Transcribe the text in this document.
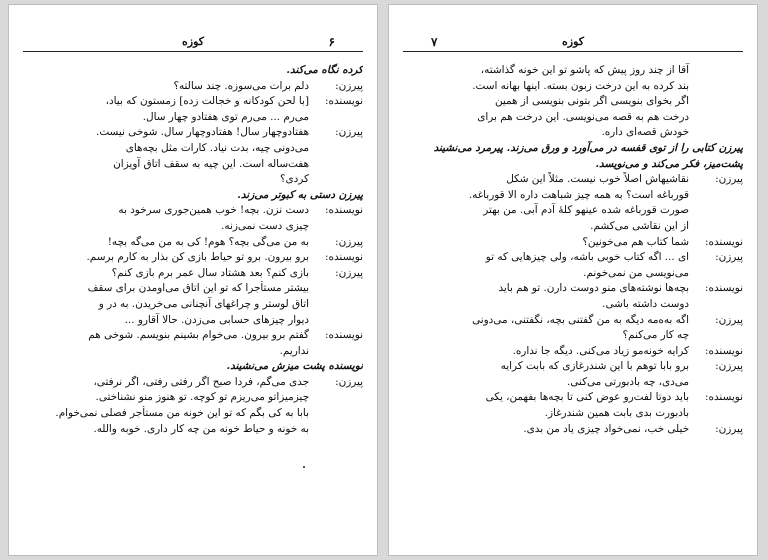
۶
کوزه
کرده نگاه می‌کند.
پیرزن:دلم برات می‌سوزه. چند سالته؟
نویسنده:[با لحن کودکانه و خجالت زده] زمستون که بیاد،
می‌رم ... می‌رم توی هفتادو چهار سال.
پیرزن:هفتادوچهار سال! هفتادوچهار سال. شوخی نیست.
می‌دونی چیه، بدت نیاد. کارات مثل بچه‌های
هفت‌ساله است. این چیه به سقف اتاق آویزان
کردی؟
پیرزن دستی به کبوتر می‌زند.
نویسنده:دست نزن. بچه! خوب همین‌جوری سرخود به
چیزی دست نمی‌زنه.
پیرزن:به من می‌گی بچه؟ هوم! کی به من می‌گه بچه!
نویسنده:برو بیرون. برو تو حیاط بازی کن بذار به کارم برسم.
پیرزن:بازی کنم؟ بعد هشتاد سال عمر برم بازی کنم؟
بیشتر مستأجرا که تو این اتاق می‌اومدن برای سقف
اتاق لوستر و چراغهای آنچنانی می‌خریدن. به در و
دیوار چیزهای حسابی می‌زدن. حالا آقارو ...
نویسنده:گفتم برو بیرون. می‌خوام بشینم بنویسم. شوخی هم
نداریم.
نویسنده پشت میزش می‌نشیند.
پیرزن:جدی می‌گم، فردا صبح اگر رفتی رفتی، اگر نرفتی،
چیزمیزاتو می‌ریزم تو کوچه. تو هنوز منو نشناختی.
بابا به کی بگم که تو این خونه من مستأجر فصلی نمی‌خوام.
به خونه و حیاط خونه من چه کار داری. خوبه والله.
۷	کوزه
آقا از چند روز پیش که پاشو تو این خونه گذاشته،
بند کرده به این درخت زبون بسته. اینها بهانه است.
اگر بخوای بنویسی اگر بتونی بنویسی از همین
درخت هم به قصه می‌نویسی. این درخت هم برای
خودش قصه‌ای داره.
پیرزن کتابی را از توی قفسه در می‌آورد و ورق می‌زند. پیرمرد می‌نشیند
پشت‌میز، فکر می‌کند و می‌نویسد.
پیرزن:نقاشیهاش اصلاً خوب نیست. مثلاً این شکل
قورباغه است؟ به همه چیز شباهت داره الا قورباغه.
صورت قورباغه شده عینهو کلهٔ آدم آبی. من بهتر
از این نقاشی می‌کشم.
نویسنده:شما کتاب هم می‌خونین؟
پیرزن:ای ... اگه کتاب خوبی باشه، ولی چیزهایی که تو
می‌نویسی من نمی‌خونم.
نویسنده:بچه‌ها نوشته‌های منو دوست دارن. تو هم باید
دوست داشته باشی.
پیرزن:اگه به‌ه‌مه دیگه به من گفتنی بچه، نگفتنی، می‌دونی
چه کار می‌کنم؟
نویسنده:کرایه خونه‌مو زیاد می‌کنی. دیگه جا نداره.
پیرزن:برو بابا توهم با این شندرغازی که بابت کرایه
می‌دی، چه بادبورتی می‌کنی.
نویسنده:باید دوتا لفت‌رو عوض کنی تا بچه‌ها بفهمن، یکی
بادبورت بدی بابت همین شندرغاز.
پیرزن:خیلی خب، نمی‌خواد چیزی یاد من بدی.
